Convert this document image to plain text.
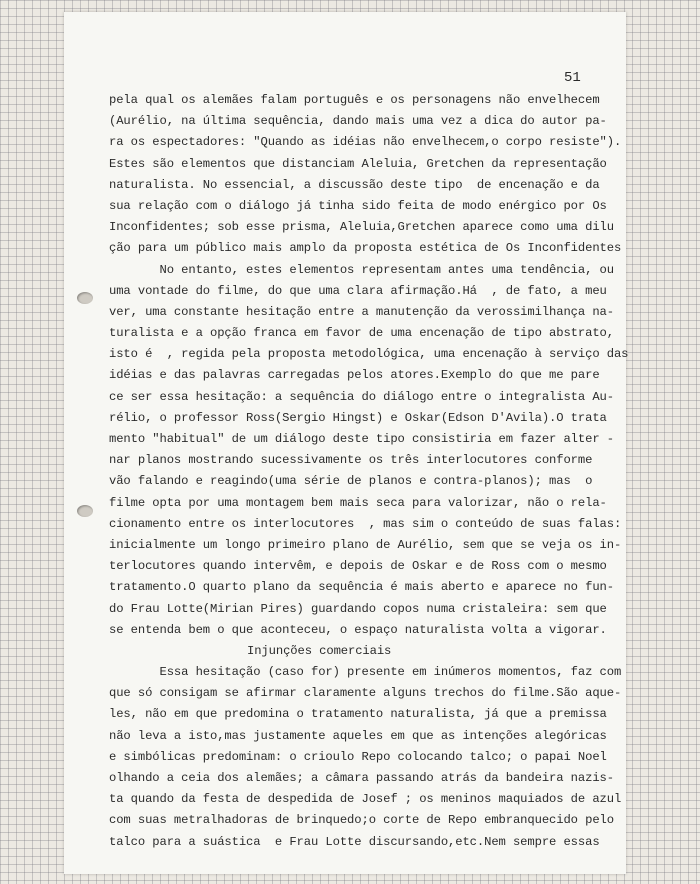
51
pela qual os alemães falam português e os personagens não envelhecem
(Aurélio, na última sequência, dando mais uma vez a dica do autor pa-
ra os espectadores: "Quando as idéias não envelhecem,o corpo resiste").
Estes são elementos que distanciam Aleluia, Gretchen da representação
naturalista. No essencial, a discussão deste tipo  de encenação e da
sua relação com o diálogo já tinha sido feita de modo enérgico por Os
Inconfidentes; sob esse prisma, Aleluia,Gretchen aparece como uma dilu
ção para um público mais amplo da proposta estética de Os Inconfidentes
No entanto, estes elementos representam antes uma tendência, ou
uma vontade do filme, do que uma clara afirmação.Há  , de fato, a meu
ver, uma constante hesitação entre a manutenção da verossimilhança na-
turalista e a opção franca em favor de uma encenação de tipo abstrato,
isto é  , regida pela proposta metodológica, uma encenação à serviço das
idéias e das palavras carregadas pelos atores.Exemplo do que me pare
ce ser essa hesitação: a sequência do diálogo entre o integralista Au-
rélio, o professor Ross(Sergio Hingst) e Oskar(Edson D'Avila).O trata
mento "habitual" de um diálogo deste tipo consistiria em fazer alter -
nar planos mostrando sucessivamente os três interlocutores conforme
vão falando e reagindo(uma série de planos e contra-planos); mas  o
filme opta por uma montagem bem mais seca para valorizar, não o rela-
cionamento entre os interlocutores  , mas sim o conteúdo de suas falas:
inicialmente um longo primeiro plano de Aurélio, sem que se veja os in-
terlocutores quando intervêm, e depois de Oskar e de Ross com o mesmo
tratamento.O quarto plano da sequência é mais aberto e aparece no fun-
do Frau Lotte(Mirian Pires) guardando copos numa cristaleira: sem que
se entenda bem o que aconteceu, o espaço naturalista volta a vigorar.
Injunções comerciais
Essa hesitação (caso for) presente em inúmeros momentos, faz com
que só consigam se afirmar claramente alguns trechos do filme.São aque-
les, não em que predomina o tratamento naturalista, já que a premissa
não leva a isto,mas justamente aqueles em que as intenções alegóricas
e simbólicas predominam: o crioulo Repo colocando talco; o papai Noel
olhando a ceia dos alemães; a câmara passando atrás da bandeira nazis-
ta quando da festa de despedida de Josef ; os meninos maquiados de azul
com suas metralhadoras de brinquedo;o corte de Repo embranquecido pelo
talco para a suástica  e Frau Lotte discursando,etc.Nem sempre essas
